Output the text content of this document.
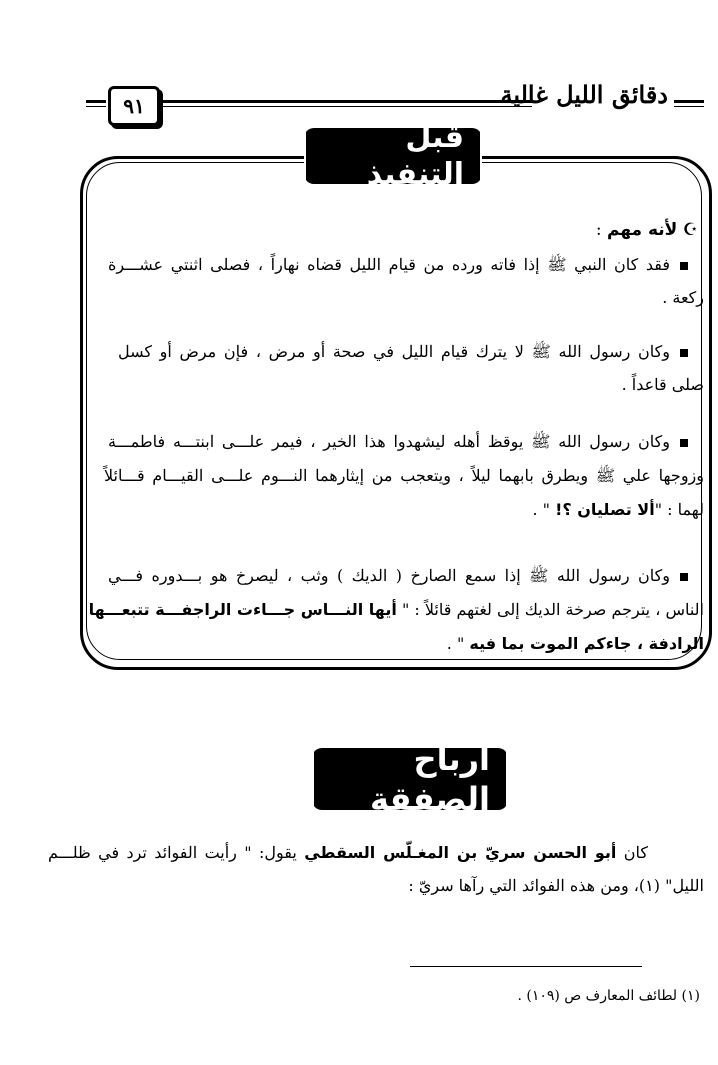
٩١	دقائق الليل غالية
قبل التنفيذ
☪ لأنه مهم :
فقد كان النبي ﷺ إذا فاته ورده من قيام الليل قضاه نهاراً ، فصلى اثنتي عشـــرة
ركعة .
وكان رسول الله ﷺ لا يترك قيام الليل في صحة أو مرض ، فإن مرض أو كسل
صلى قاعداً .
وكان رسول الله ﷺ يوقظ أهله ليشهدوا هذا الخير ، فيمر علـــى ابنتـــه فاطمـــة
وزوجها علي ﷺ ويطرق بابهما ليلاً ، ويتعجب من إيثارهما النـــوم علـــى القيـــام قـــائلاً
لهما : "ألا تصليان ؟! " .
وكان رسول الله ﷺ إذا سمع الصارخ ( الديك ) وثب ، ليصرخ هو بـــدوره فـــي
الناس ، يترجم صرخة الديك إلى لغتهم قائلاً : " أيها النـــاس جـــاءت الراجفـــة تتبعـــها
الرادفة ، جاءكم الموت بما فيه " .
أرباح الصفقة
كان أبو الحسن سريّ بن المغـلّس السقطي يقول: " رأيت الفوائد ترد في ظلـــم
الليل" (١)، ومن هذه الفوائد التي رآها سريّ :
(١) لطائف المعارف ص (١٠٩) .
